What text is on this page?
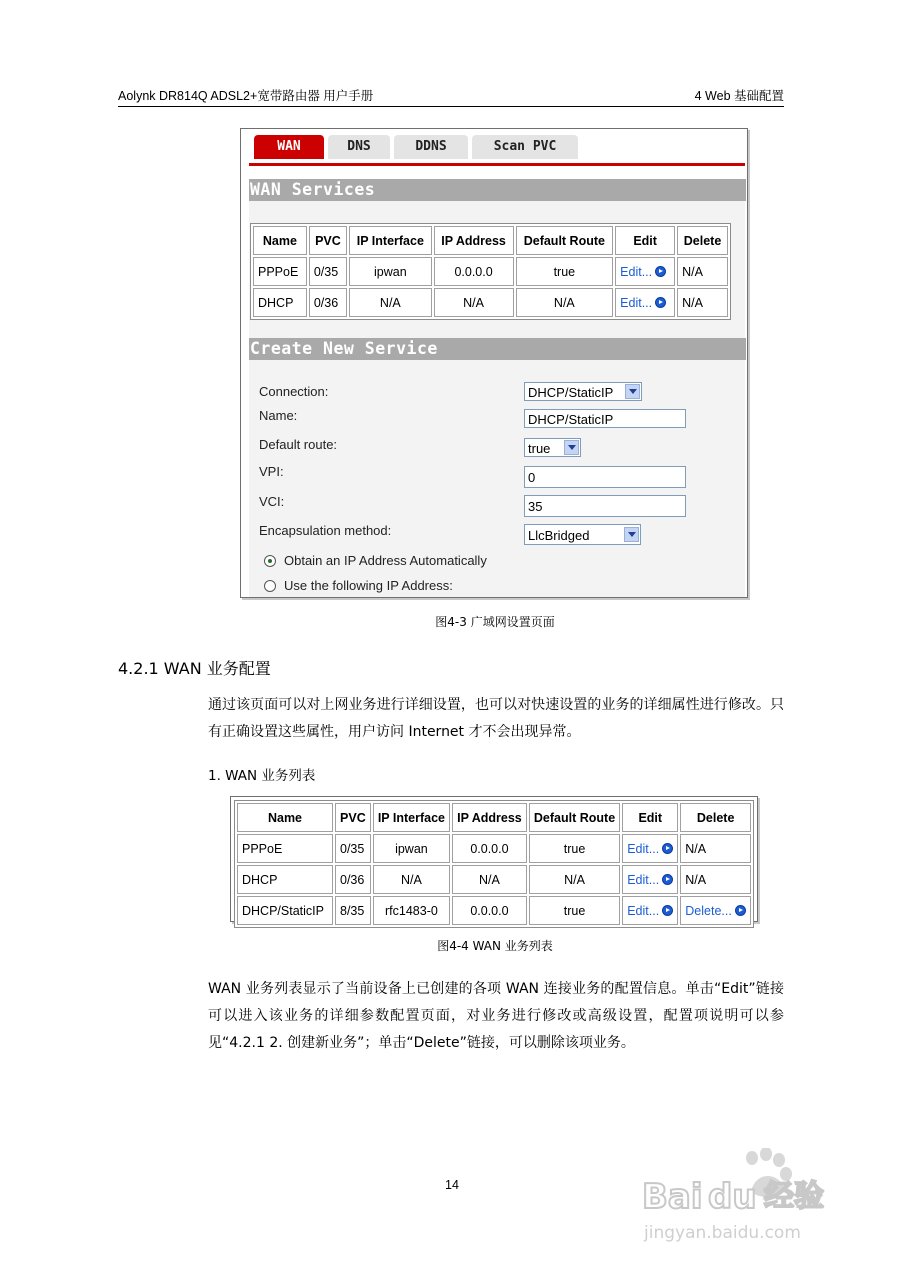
Aolynk DR814Q ADSL2+宽带路由器 用户手册	4 Web 基础配置
WAN	DNS	DDNS	Scan PVC
WAN Services
Name	PVC	IP Interface	IP Address	Default Route	Edit	Delete
PPPoE	0/35	ipwan	0.0.0.0	true	Edit...	N/A
DHCP	0/36	N/A	N/A	N/A	Edit...	N/A
Create New Service
Connection:	DHCP/StaticIP
Name:	DHCP/StaticIP
Default route:	true
VPI:	0
VCI:	35
Encapsulation method:	LlcBridged
Obtain an IP Address Automatically
Use the following IP Address:
图4-3 广域网设置页面
4.2.1 WAN 业务配置
通过该页面可以对上网业务进行详细设置，也可以对快速设置的业务的详细属性进行修改。只有正确设置这些属性，用户访问 Internet 才不会出现异常。
1. WAN 业务列表
Name	PVC	IP Interface	IP Address	Default Route	Edit	Delete
PPPoE	0/35	ipwan	0.0.0.0	true	Edit...	N/A
DHCP	0/36	N/A	N/A	N/A	Edit...	N/A
DHCP/StaticIP	8/35	rfc1483-0	0.0.0.0	true	Edit...	Delete...
图4-4 WAN 业务列表
WAN 业务列表显示了当前设备上已创建的各项 WAN 连接业务的配置信息。单击“Edit”链接可以进入该业务的详细参数配置页面，对业务进行修改或高级设置，配置项说明可以参见“4.2.1 2. 创建新业务”；单击“Delete”链接，可以删除该项业务。
14	Bai du 经验
jingyan.baidu.com
